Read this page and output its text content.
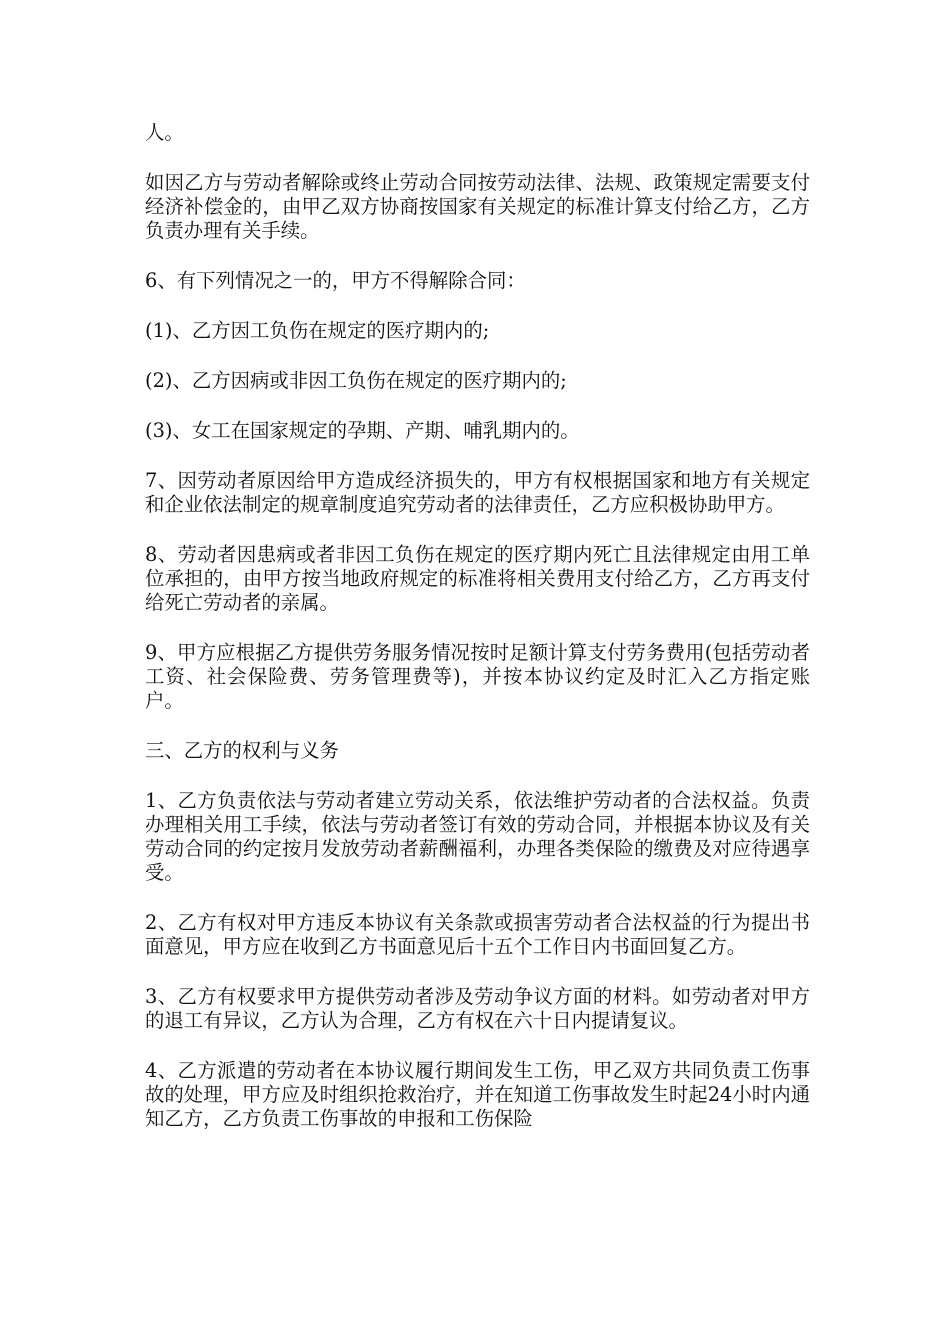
人。

如因乙方与劳动者解除或终止劳动合同按劳动法律、法规、政策规定需要支付经济补偿金的，由甲乙双方协商按国家有关规定的标准计算支付给乙方，乙方负责办理有关手续。

6、有下列情况之一的，甲方不得解除合同：

(1)、乙方因工负伤在规定的医疗期内的;

(2)、乙方因病或非因工负伤在规定的医疗期内的;

(3)、女工在国家规定的孕期、产期、哺乳期内的。

7、因劳动者原因给甲方造成经济损失的，甲方有权根据国家和地方有关规定和企业依法制定的规章制度追究劳动者的法律责任，乙方应积极协助甲方。

8、劳动者因患病或者非因工负伤在规定的医疗期内死亡且法律规定由用工单位承担的，由甲方按当地政府规定的标准将相关费用支付给乙方，乙方再支付给死亡劳动者的亲属。

9、甲方应根据乙方提供劳务服务情况按时足额计算支付劳务费用(包括劳动者工资、社会保险费、劳务管理费等)，并按本协议约定及时汇入乙方指定账户。

三、乙方的权利与义务

1、乙方负责依法与劳动者建立劳动关系，依法维护劳动者的合法权益。负责办理相关用工手续，依法与劳动者签订有效的劳动合同，并根据本协议及有关劳动合同的约定按月发放劳动者薪酬福利，办理各类保险的缴费及对应待遇享受。

2、乙方有权对甲方违反本协议有关条款或损害劳动者合法权益的行为提出书面意见，甲方应在收到乙方书面意见后十五个工作日内书面回复乙方。

3、乙方有权要求甲方提供劳动者涉及劳动争议方面的材料。如劳动者对甲方的退工有异议，乙方认为合理，乙方有权在六十日内提请复议。

4、乙方派遣的劳动者在本协议履行期间发生工伤，甲乙双方共同负责工伤事故的处理，甲方应及时组织抢救治疗，并在知道工伤事故发生时起24小时内通知乙方，乙方负责工伤事故的申报和工伤保险
